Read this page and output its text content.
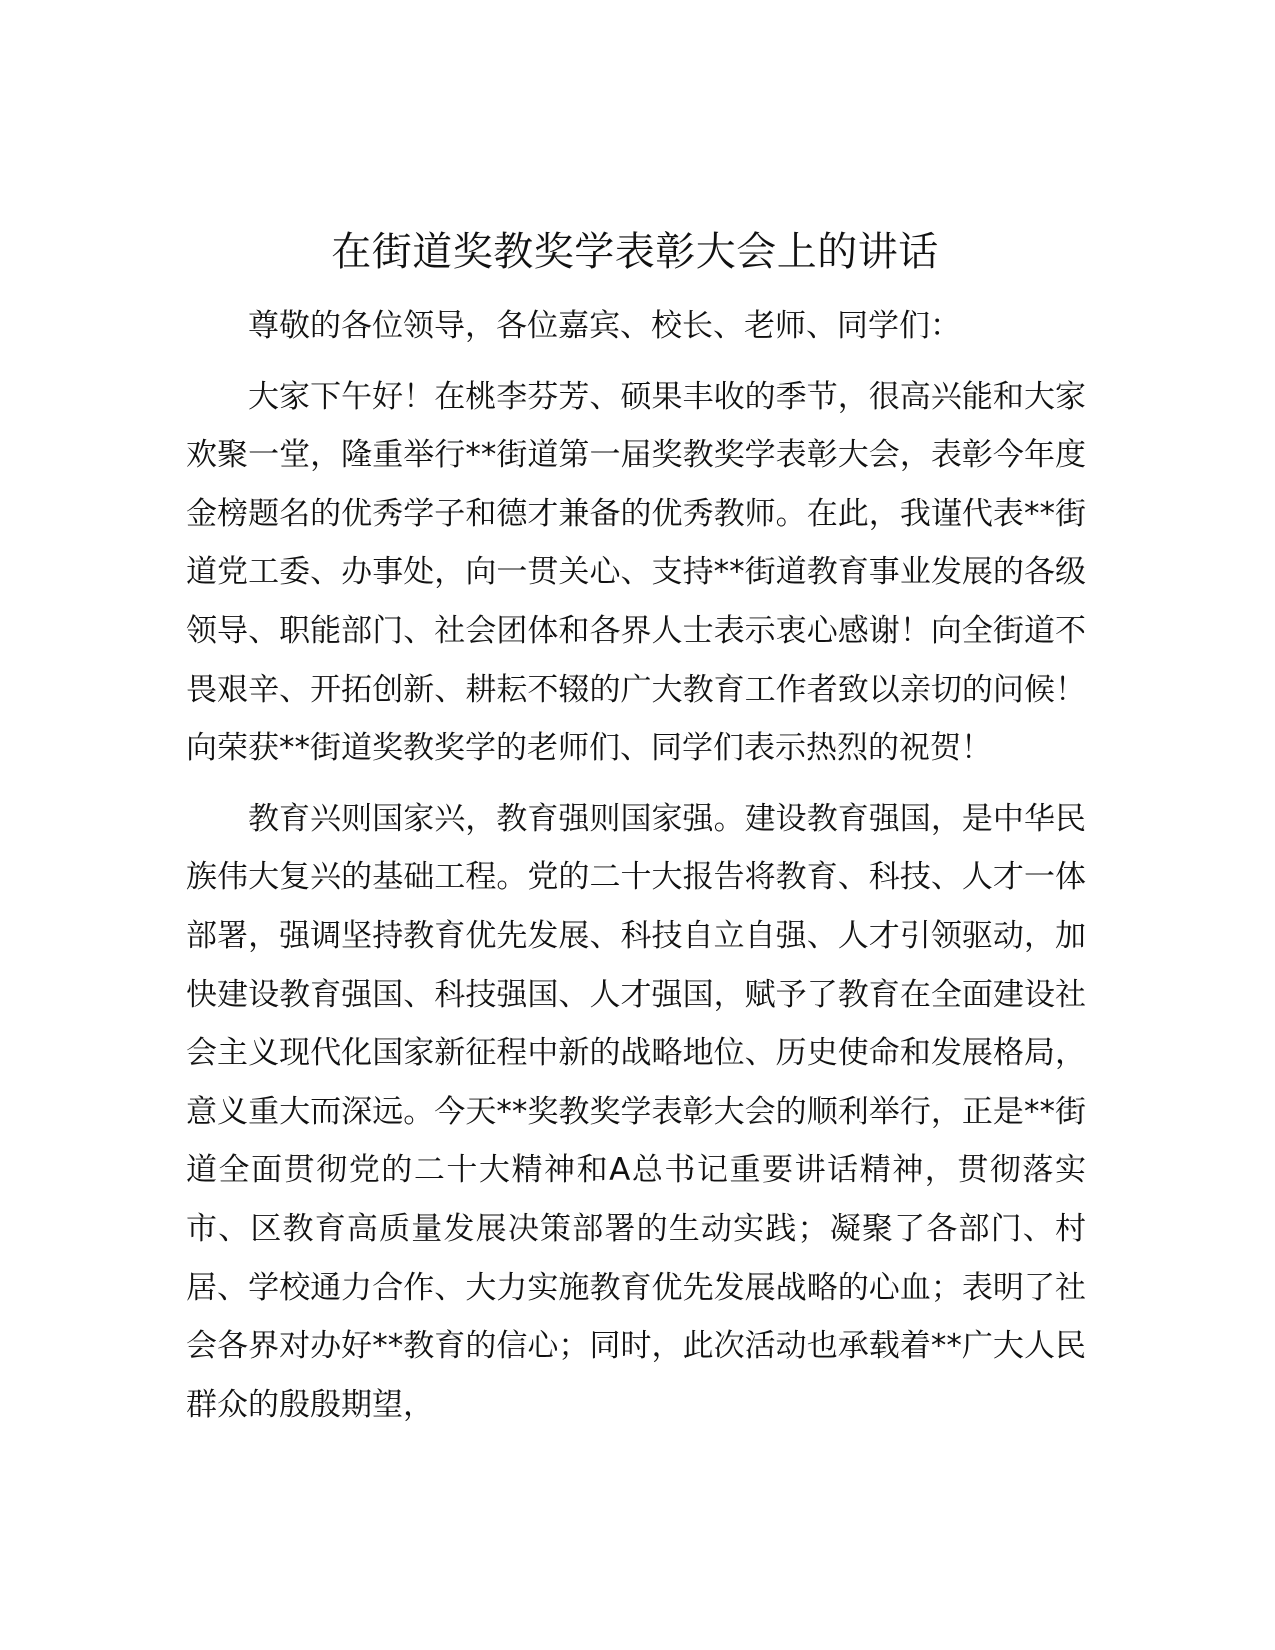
在街道奖教奖学表彰大会上的讲话

尊敬的各位领导，各位嘉宾、校长、老师、同学们：

大家下午好！在桃李芬芳、硕果丰收的季节，很高兴能和大家欢聚一堂，隆重举行**街道第一届奖教奖学表彰大会，表彰今年度金榜题名的优秀学子和德才兼备的优秀教师。在此，我谨代表**街道党工委、办事处，向一贯关心、支持**街道教育事业发展的各级领导、职能部门、社会团体和各界人士表示衷心感谢！向全街道不畏艰辛、开拓创新、耕耘不辍的广大教育工作者致以亲切的问候！向荣获**街道奖教奖学的老师们、同学们表示热烈的祝贺！

教育兴则国家兴，教育强则国家强。建设教育强国，是中华民族伟大复兴的基础工程。党的二十大报告将教育、科技、人才一体部署，强调坚持教育优先发展、科技自立自强、人才引领驱动，加快建设教育强国、科技强国、人才强国，赋予了教育在全面建设社会主义现代化国家新征程中新的战略地位、历史使命和发展格局，意义重大而深远。今天**奖教奖学表彰大会的顺利举行，正是**街道全面贯彻党的二十大精神和A总书记重要讲话精神，贯彻落实市、区教育高质量发展决策部署的生动实践；凝聚了各部门、村居、学校通力合作、大力实施教育优先发展战略的心血；表明了社会各界对办好**教育的信心；同时，此次活动也承载着**广大人民群众的殷殷期望，
